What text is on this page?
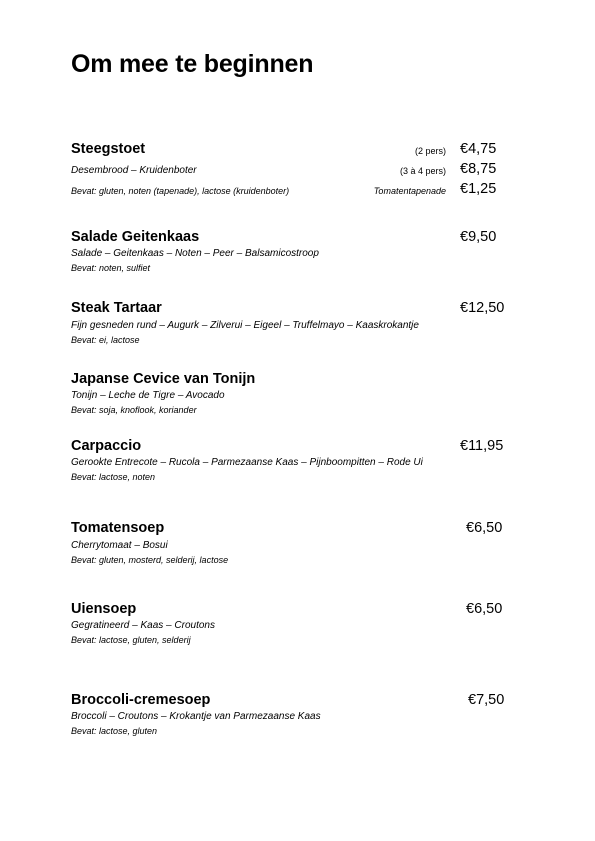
Om mee te beginnen
Steegstoet
Desembrood – Kruidenboter
Bevat: gluten, noten (tapenade), lactose (kruidenboter)
(2 pers) €4,75
(3 à 4 pers) €8,75
Tomatentapenade €1,25
Salade Geitenkaas
Salade – Geitenkaas – Noten – Peer – Balsamicostroop
Bevat: noten, sulfiet
€9,50
Steak Tartaar
Fijn gesneden rund – Augurk – Zilverui – Eigeel – Truffelmayo – Kaaskrokantje
Bevat: ei, lactose
€12,50
Japanse Cevice van Tonijn
Tonijn – Leche de Tigre – Avocado
Bevat: soja, knoflook, koriander
Carpaccio
Gerookte Entrecote – Rucola – Parmezaanse Kaas – Pijnboompitten – Rode Ui
Bevat: lactose, noten
€11,95
Tomatensoep
Cherrytomaat – Bosui
Bevat: gluten, mosterd, selderij, lactose
€6,50
Uiensoep
Gegratineerd – Kaas – Croutons
Bevat: lactose, gluten, selderij
€6,50
Broccoli-cremesoep
Broccoli – Croutons – Krokantje van Parmezaanse Kaas
Bevat: lactose, gluten
€7,50
